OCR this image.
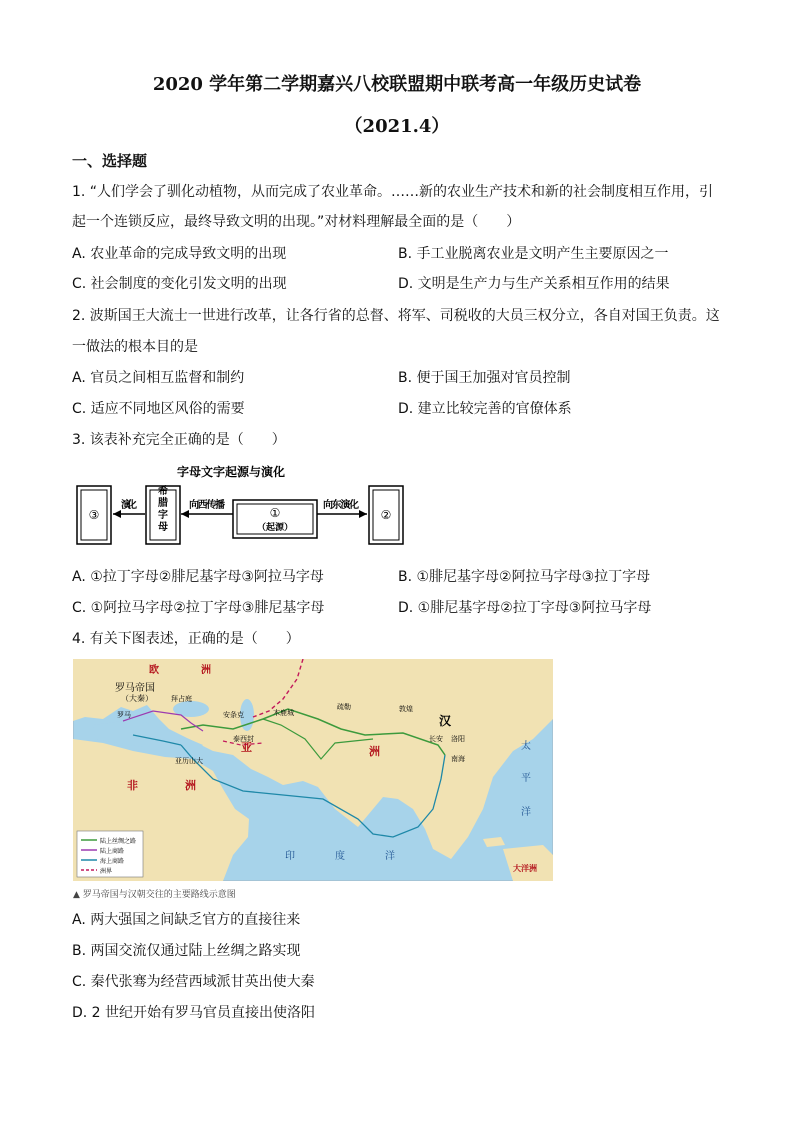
2020 学年第二学期嘉兴八校联盟期中联考高一年级历史试卷
（2021.4）
一、选择题
1. “人们学会了驯化动植物，从而完成了农业革命。……新的农业生产技术和新的社会制度相互作用，引
起一个连锁反应，最终导致文明的出现。”对材料理解最全面的是（　　）
A. 农业革命的完成导致文明的出现	B. 手工业脱离农业是文明产生主要原因之一
C. 社会制度的变化引发文明的出现	D. 文明是生产力与生产关系相互作用的结果
2. 波斯国王大流士一世进行改革，让各行省的总督、将军、司税收的大员三权分立，各自对国王负责。这
一做法的根本目的是
A. 官员之间相互监督和制约	B. 便于国王加强对官员控制
C. 适应不同地区风俗的需要	D. 建立比较完善的官僚体系
3. 该表补充完全正确的是（　　）
字母文字起源与演化
③
演化
希腊字母
向西传播
①
（起源）
向东演化
②
A. ①拉丁字母②腓尼基字母③阿拉马字母	B. ①腓尼基字母②阿拉马字母③拉丁字母
C. ①阿拉马字母②拉丁字母③腓尼基字母	D. ①腓尼基字母②拉丁字母③阿拉马字母
4. 有关下图表述，正确的是（　　）
欧	洲
罗马帝国
（大秦）
罗马
拜占庭
安条克	木鹿城
疏勒	敦煌
汉
长安 洛阳
南海
泰西封
亚历山大
亚	洲
非	洲
印	度	洋
太
平
洋
大洋洲
陆上丝绸之路
陆上商路
海上商路
洲界
▲ 罗马帝国与汉朝交往的主要路线示意图
A. 两大强国之间缺乏官方的直接往来
B. 两国交流仅通过陆上丝绸之路实现
C. 秦代张骞为经营西域派甘英出使大秦
D. 2 世纪开始有罗马官员直接出使洛阳
